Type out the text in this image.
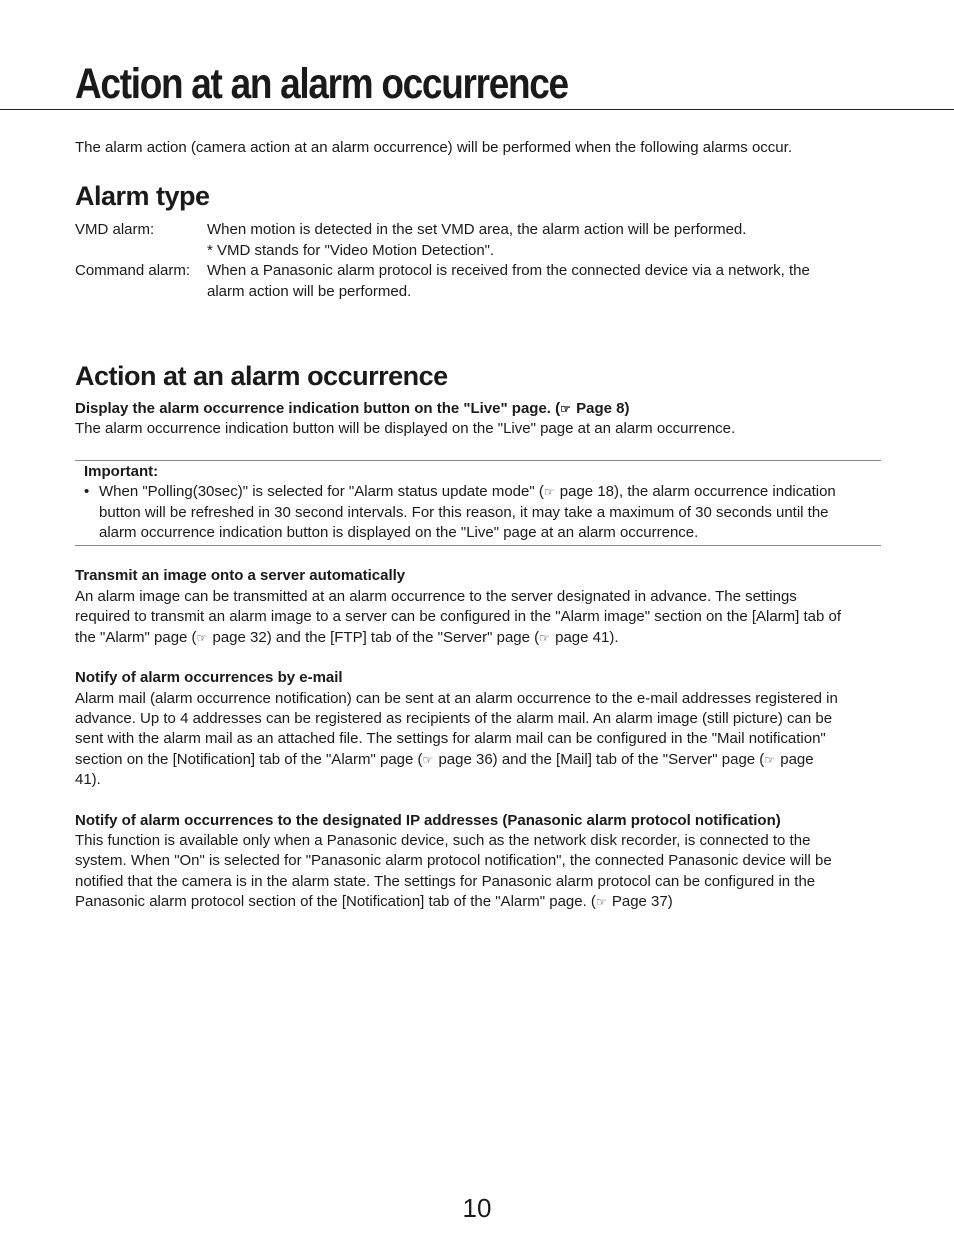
Action at an alarm occurrence

The alarm action (camera action at an alarm occurrence) will be performed when the following alarms occur.

Alarm type
VMD alarm:	When motion is detected in the set VMD area, the alarm action will be performed.
* VMD stands for "Video Motion Detection".
Command alarm:	When a Panasonic alarm protocol is received from the connected device via a network, the
alarm action will be performed.
Action at an alarm occurrence
Display the alarm occurrence indication button on the "Live" page. (☞ Page 8)

The alarm occurrence indication button will be displayed on the "Live" page at an alarm occurrence.

Important:
• When "Polling(30sec)" is selected for "Alarm status update mode" (☞ page 18), the alarm occurrence indication
button will be refreshed in 30 second intervals. For this reason, it may take a maximum of 30 seconds until the
alarm occurrence indication button is displayed on the "Live" page at an alarm occurrence.
Transmit an image onto a server automatically
An alarm image can be transmitted at an alarm occurrence to the server designated in advance. The settings
required to transmit an alarm image to a server can be configured in the "Alarm image" section on the [Alarm] tab of
the "Alarm" page (☞ page 32) and the [FTP] tab of the "Server" page (☞ page 41).
Notify of alarm occurrences by e-mail
Alarm mail (alarm occurrence notification) can be sent at an alarm occurrence to the e-mail addresses registered in
advance. Up to 4 addresses can be registered as recipients of the alarm mail. An alarm image (still picture) can be
sent with the alarm mail as an attached file. The settings for alarm mail can be configured in the "Mail notification"
section on the [Notification] tab of the "Alarm" page (☞ page 36) and the [Mail] tab of the "Server" page (☞ page
41).
Notify of alarm occurrences to the designated IP addresses (Panasonic alarm protocol notification)
This function is available only when a Panasonic device, such as the network disk recorder, is connected to the
system. When "On" is selected for "Panasonic alarm protocol notification", the connected Panasonic device will be
notified that the camera is in the alarm state. The settings for Panasonic alarm protocol can be configured in the
Panasonic alarm protocol section of the [Notification] tab of the "Alarm" page. (☞ Page 37)
10
